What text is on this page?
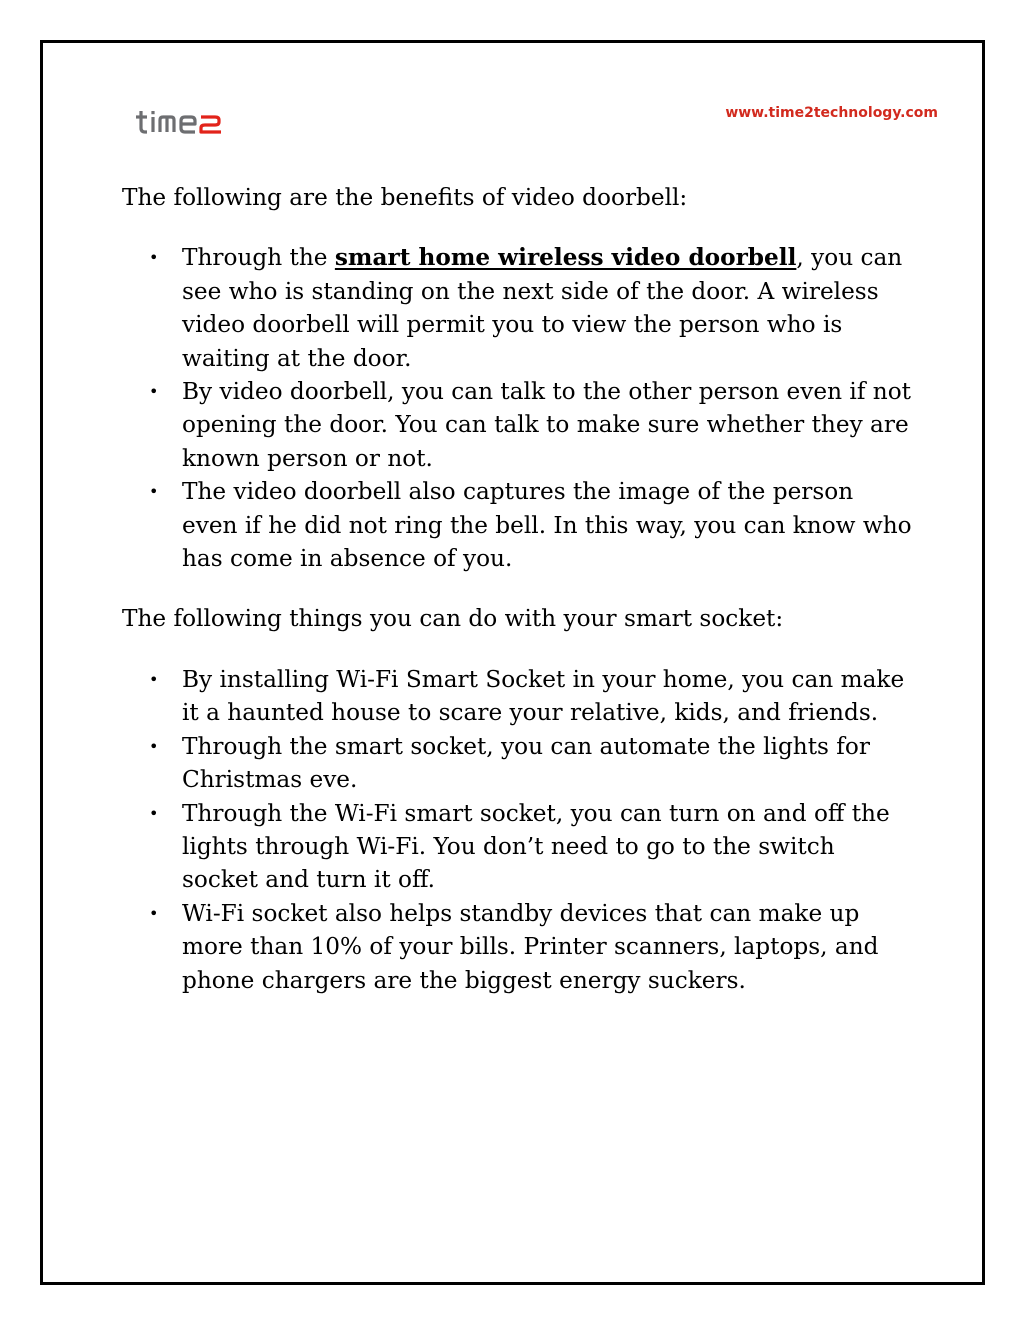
www.time2technology.com

The following are the benefits of video doorbell:

• Through the smart home wireless video doorbell, you can see who is standing on the next side of the door. A wireless video doorbell will permit you to view the person who is waiting at the door.
• By video doorbell, you can talk to the other person even if not opening the door. You can talk to make sure whether they are known person or not.
• The video doorbell also captures the image of the person even if he did not ring the bell. In this way, you can know who has come in absence of you.

The following things you can do with your smart socket:

• By installing Wi-Fi Smart Socket in your home, you can make it a haunted house to scare your relative, kids, and friends.
• Through the smart socket, you can automate the lights for Christmas eve.
• Through the Wi-Fi smart socket, you can turn on and off the lights through Wi-Fi. You don’t need to go to the switch socket and turn it off.
• Wi-Fi socket also helps standby devices that can make up more than 10% of your bills. Printer scanners, laptops, and phone chargers are the biggest energy suckers.
